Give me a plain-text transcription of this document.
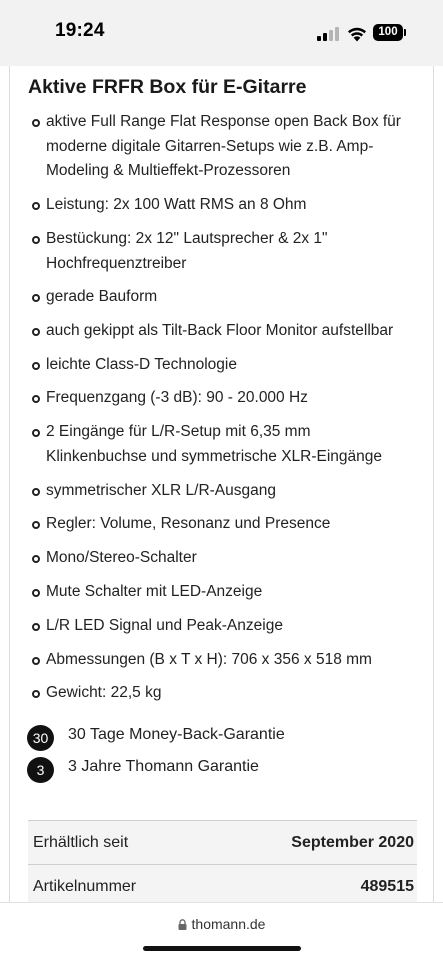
19:24	100
Aktive FRFR Box für E-Gitarre
aktive Full Range Flat Response open Back Box für
moderne digitale Gitarren-Setups wie z.B. Amp-
Modeling & Multieffekt-Prozessoren
Leistung: 2x 100 Watt RMS an 8 Ohm
Bestückung: 2x 12" Lautsprecher & 2x 1"
Hochfrequenztreiber
gerade Bauform
auch gekippt als Tilt-Back Floor Monitor aufstellbar
leichte Class-D Technologie
Frequenzgang (-3 dB): 90 - 20.000 Hz
2 Eingänge für L/R-Setup mit 6,35 mm
Klinkenbuchse und symmetrische XLR-Eingänge
symmetrischer XLR L/R-Ausgang
Regler: Volume, Resonanz und Presence
Mono/Stereo-Schalter
Mute Schalter mit LED-Anzeige
L/R LED Signal und Peak-Anzeige
Abmessungen (B x T x H): 706 x 356 x 518 mm
Gewicht: 22,5 kg
30	30 Tage Money-Back-Garantie
3	3 Jahre Thomann Garantie
Erhältlich seit	September 2020
Artikelnummer	489515
thomann.de
